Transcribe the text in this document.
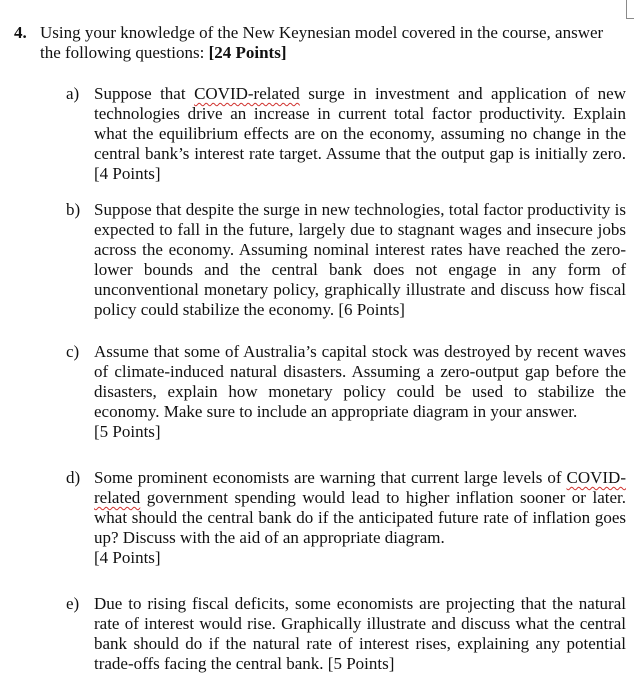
4. Using your knowledge of the New Keynesian model covered in the course, answer the following questions: [24 Points]
a) Suppose that COVID-related surge in investment and application of new technologies drive an increase in current total factor productivity. Explain what the equilibrium effects are on the economy, assuming no change in the central bank’s interest rate target. Assume that the output gap is initially zero. [4 Points]
b) Suppose that despite the surge in new technologies, total factor productivity is expected to fall in the future, largely due to stagnant wages and insecure jobs across the economy. Assuming nominal interest rates have reached the zero-lower bounds and the central bank does not engage in any form of unconventional monetary policy, graphically illustrate and discuss how fiscal policy could stabilize the economy. [6 Points]
c) Assume that some of Australia’s capital stock was destroyed by recent waves of climate-induced natural disasters. Assuming a zero-output gap before the disasters, explain how monetary policy could be used to stabilize the economy. Make sure to include an appropriate diagram in your answer.
[5 Points]
d) Some prominent economists are warning that current large levels of COVID-related government spending would lead to higher inflation sooner or later. what should the central bank do if the anticipated future rate of inflation goes up? Discuss with the aid of an appropriate diagram.
[4 Points]
e) Due to rising fiscal deficits, some economists are projecting that the natural rate of interest would rise. Graphically illustrate and discuss what the central bank should do if the natural rate of interest rises, explaining any potential trade-offs facing the central bank. [5 Points]
